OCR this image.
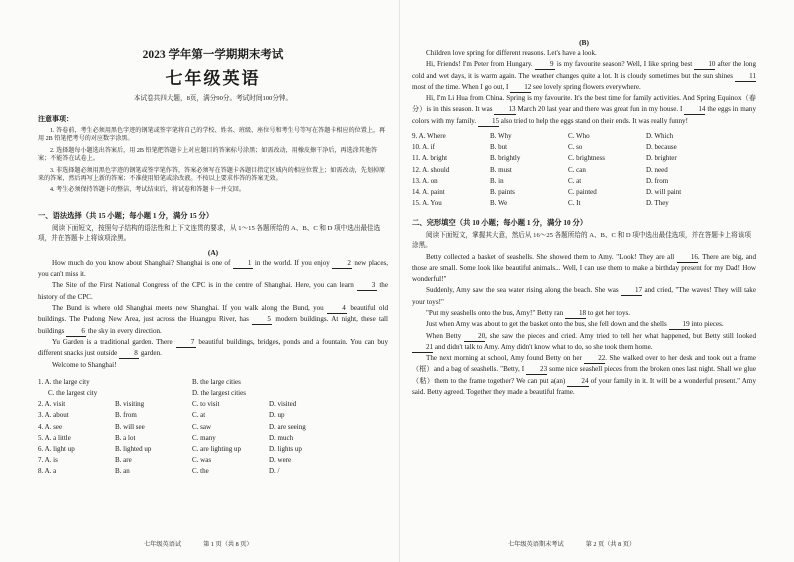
2023 学年第一学期期末考试
七年级英语
本试卷共四大题，8页，满分90分。考试时间100分钟。
注意事项：

1. 答卷前，考生必须用黑色字迹的钢笔或签字笔将自己的学校、姓名、班级、座位号和考生号等写在答题卡相应的位置上，再用 2B 铅笔把考号的对应数字涂黑。

2. 选择题每小题选出答案后，用 2B 铅笔把答题卡上对应题目的答案标号涂黑；如需改动，用橡皮擦干净后，再选涂其他答案；不能答在试卷上。

3. 非选择题必须用黑色字迹的钢笔或签字笔作答，答案必须写在答题卡各题目指定区域内的相应位置上；如需改动，先划掉原来的答案，然后再写上新的答案；不准使用铅笔或涂改液。不按以上要求作答的答案无效。

4. 考生必须保持答题卡的整洁，考试结束后，将试卷和答题卡一并交回。

一、语法选择（共 15 小题；每小题 1 分，满分 15 分）

阅读下面短文，按照句子结构的语法性和上下文连贯的要求，从 1～15 各题所给的 A、B、C 和 D 项中选出最佳选项，并在答题卡上将该项涂黑。

(A)

How much do you know about Shanghai? Shanghai is one of 1 in the world. If you enjoy 2 new places, you can't miss it.

The Site of the First National Congress of the CPC is in the centre of Shanghai. Here, you can learn 3 the history of the CPC.

The Bund is where old Shanghai meets new Shanghai. If you walk along the Bund, you 4 beautiful old buildings. The Pudong New Area, just across the Huangpu River, has 5 modern buildings. At night, these tall buildings 6 the sky in every direction.

Yu Garden is a traditional garden. There 7 beautiful buildings, bridges, ponds and a fountain. You can buy different snacks just outside 8 garden.

Welcome to Shanghai!

1. A. the large city	B. the large cities
C. the largest city	D. the largest cities
2. A. visit	B. visiting	C. to visit	D. visited
3. A. about	B. from	C. at	D. up
4. A. see	B. will see	C. saw	D. are seeing
5. A. a little	B. a lot	C. many	D. much
6. A. light up	B. lighted up	C. are lighting up	D. lights up
7. A. is	B. are	C. was	D. were
8. A. a	B. an	C. the	D. /
七年级英语试	第 1 页（共 8 页）
(B)

Children love spring for different reasons. Let's have a look.

Hi, Friends! I'm Peter from Hungary. 9 is my favourite season? Well, I like spring best 10 after the long cold and wet days, it is warm again. The weather changes quite a lot. It is cloudy sometimes but the sun shines 11 most of the time. When I go out, I 12 see lovely spring flowers everywhere.

Hi, I'm Li Hua from China. Spring is my favourite. It's the best time for family activities. And Spring Equinox（春分）is in this season. It was 13 March 20 last year and there was great fun in my house. I 14 the eggs in many colors with my family. 15 also tried to help the eggs stand on their ends. It was really funny!

9. A. Where	B. Why	C. Who	D. Which
10. A. if	B. but	C. so	D. because
11. A. bright	B. brightly	C. brightness	D. brighter
12. A. should	B. must	C. can	D. need
13. A. on	B. in	C. at	D. from
14. A. paint	B. paints	C. painted	D. will paint
15. A. You	B. We	C. It	D. They
二、完形填空（共 10 小题；每小题 1 分，满分 10 分）

阅读下面短文，掌握其大意，然后从 16～25 各题所给的 A、B、C 和 D 项中选出最佳选项，并在答题卡上将该项涂黑。

Betty collected a basket of seashells. She showed them to Amy. "Look! They are all 16. There are big, and those are small. Some look like beautiful animals... Well, I can use them to make a birthday present for my Dad! How wonderful!"

Suddenly, Amy saw the sea water rising along the beach. She was 17 and cried, "The waves! They will take your toys!"

"Put my seashells onto the bus, Amy!" Betty ran 18 to get her toys.

Just when Amy was about to get the basket onto the bus, she fell down and the shells 19 into pieces.

When Betty 20, she saw the pieces and cried. Amy tried to tell her what happened, but Betty still looked 21 and didn't talk to Amy. Amy didn't know what to do, so she took them home.

The next morning at school, Amy found Betty on her 22. She walked over to her desk and took out a frame（框）and a bag of seashells. "Betty, I 23 some nice seashell pieces from the broken ones last night. Shall we glue（粘）them to the frame together? We can put a(an) 24 of your family in it. It will be a wonderful present." Amy said. Betty agreed. Together they made a beautiful frame.

七年级英语期末考试	第 2 页（共 8 页）
